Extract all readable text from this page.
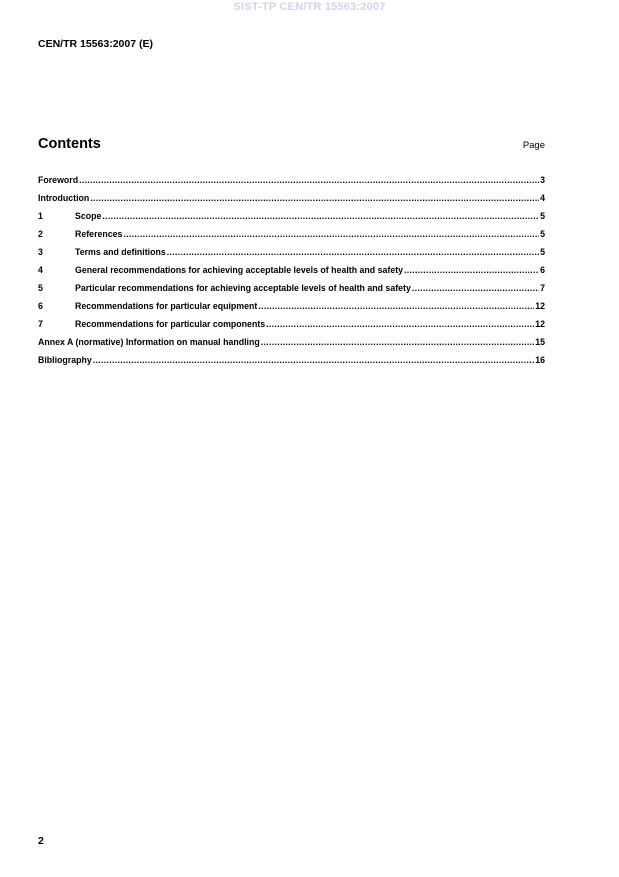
SIST-TP CEN/TR 15563:2007
CEN/TR 15563:2007 (E)
Contents	Page
Foreword .....	3
Introduction .....	4
1	Scope .....	5
2	References .....	5
3	Terms and definitions .....	5
4	General recommendations for achieving acceptable levels of health and safety .....	6
5	Particular recommendations for achieving acceptable levels of health and safety .....	7
6	Recommendations for particular equipment .....	12
7	Recommendations for particular components .....	12
Annex A (normative) Information on manual handling .....	15
Bibliography .....	16
2
